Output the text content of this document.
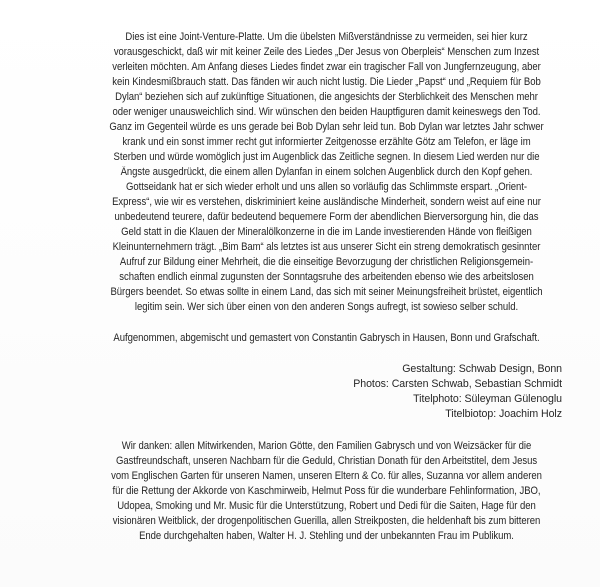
Dies ist eine Joint-Venture-Platte. Um die übelsten Mißverständnisse zu vermeiden, sei hier kurz
vorausgeschickt, daß wir mit keiner Zeile des Liedes „Der Jesus von Oberpleis“ Menschen zum Inzest
verleiten möchten. Am Anfang dieses Liedes findet zwar ein tragischer Fall von Jungfernzeugung, aber
kein Kindesmißbrauch statt. Das fänden wir auch nicht lustig. Die Lieder „Papst“ und „Requiem für Bob
Dylan“ beziehen sich auf zukünftige Situationen, die angesichts der Sterblichkeit des Menschen mehr
oder weniger unausweichlich sind. Wir wünschen den beiden Hauptfiguren damit keineswegs den Tod.
Ganz im Gegenteil würde es uns gerade bei Bob Dylan sehr leid tun. Bob Dylan war letztes Jahr schwer
krank und ein sonst immer recht gut informierter Zeitgenosse erzählte Götz am Telefon, er läge im
Sterben und würde womöglich just im Augenblick das Zeitliche segnen. In diesem Lied werden nur die
Ängste ausgedrückt, die einem allen Dylanfan in einem solchen Augenblick durch den Kopf gehen.
Gottseidank hat er sich wieder erholt und uns allen so vorläufig das Schlimmste erspart. „Orient-
Express“, wie wir es verstehen, diskriminiert keine ausländische Minderheit, sondern weist auf eine nur
unbedeutend teurere, dafür bedeutend bequemere Form der abendlichen Bierversorgung hin, die das
Geld statt in die Klauen der Mineralölkonzerne in die im Lande investierenden Hände von fleißigen
Kleinunternehmern trägt. „Bim Bam“ als letztes ist aus unserer Sicht ein streng demokratisch gesinnter
Aufruf zur Bildung einer Mehrheit, die die einseitige Bevorzugung der christlichen Religionsgemein-
schaften endlich einmal zugunsten der Sonntagsruhe des arbeitenden ebenso wie des arbeitslosen
Bürgers beendet. So etwas sollte in einem Land, das sich mit seiner Meinungsfreiheit brüstet, eigentlich
legitim sein. Wer sich über einen von den anderen Songs aufregt, ist sowieso selber schuld.
Aufgenommen, abgemischt und gemastert von Constantin Gabrysch in Hausen, Bonn und Grafschaft.
Gestaltung: Schwab Design, Bonn
Photos: Carsten Schwab, Sebastian Schmidt
Titelphoto: Süleyman Gülenoglu
Titelbiotop: Joachim Holz
Wir danken: allen Mitwirkenden, Marion Götte, den Familien Gabrysch und von Weizsäcker für die
Gastfreundschaft, unseren Nachbarn für die Geduld, Christian Donath für den Arbeitstitel, dem Jesus
vom Englischen Garten für unseren Namen, unseren Eltern & Co. für alles, Suzanna vor allem anderen
für die Rettung der Akkorde von Kaschmirweib, Helmut Poss für die wunderbare Fehlinformation, JBO,
Udopea, Smoking und Mr. Music für die Unterstützung, Robert und Dedi für die Saiten, Hage für den
visionären Weitblick, der drogenpolitischen Guerilla, allen Streikposten, die heldenhaft bis zum bitteren
Ende durchgehalten haben, Walter H. J. Stehling und der unbekannten Frau im Publikum.
